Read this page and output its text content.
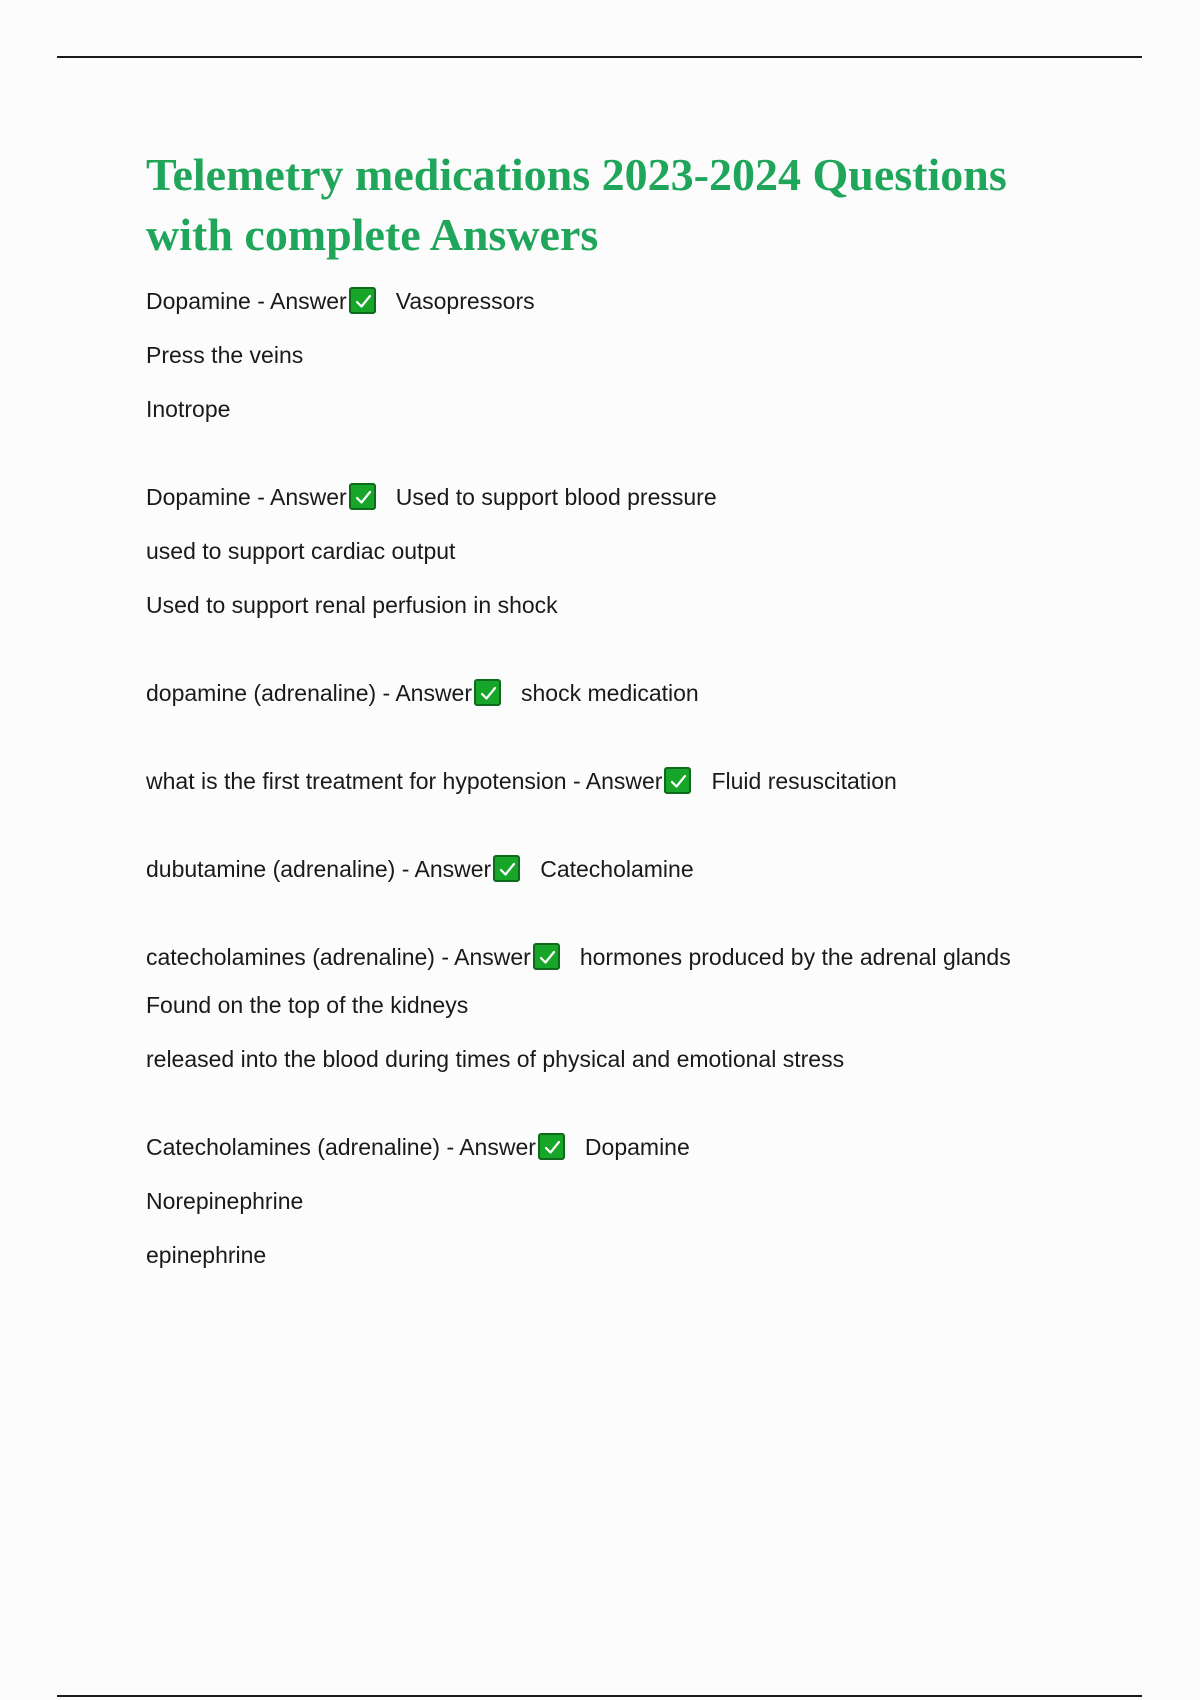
Telemetry medications 2023-2024 Questions with complete Answers

Dopamine - Answer Vasopressors

Press the veins

Inotrope

Dopamine - Answer Used to support blood pressure

used to support cardiac output

Used to support renal perfusion in shock

dopamine (adrenaline) - Answer shock medication

what is the first treatment for hypotension - Answer Fluid resuscitation

dubutamine (adrenaline) - Answer Catecholamine

catecholamines (adrenaline) - Answer hormones produced by the adrenal glands

Found on the top of the kidneys

released into the blood during times of physical and emotional stress

Catecholamines (adrenaline) - Answer Dopamine

Norepinephrine

epinephrine
